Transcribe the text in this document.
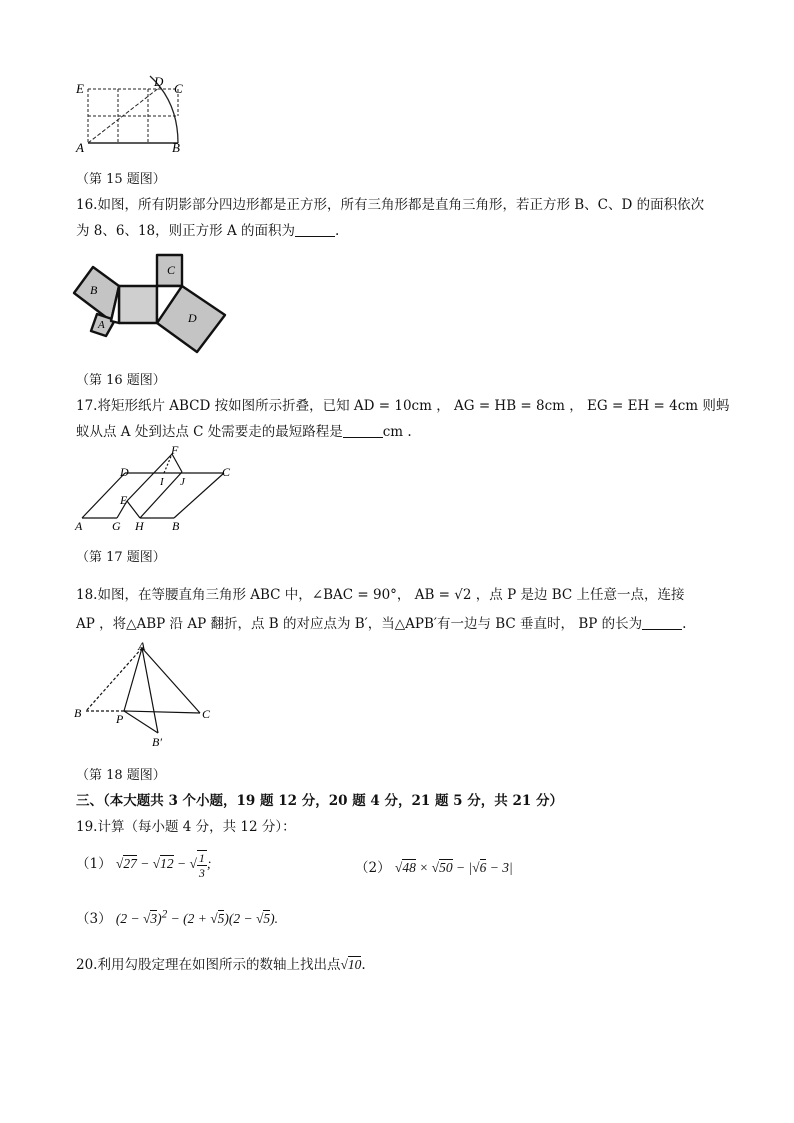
E	D C
A	B
（第 15 题图）
16.如图，所有阴影部分四边形都是正方形，所有三角形都是直角三角形，若正方形 B、C、D 的面积依次
为 8、6、18，则正方形 A 的面积为	.
B
A
C
D
（第 16 题图）
17.将矩形纸片 ABCD 按如图所示折叠，已知 AD = 10cm ， AG = HB = 8cm ， EG = EH = 4cm 则蚂
蚁从点 A 处到达点 C 处需要走的最短路程是	cm .
A G H B
D	C
E
F
I J
（第 17 题图）
18.如图，在等腰直角三角形 ABC 中，∠BAC = 90°， AB = √2 ，点 P 是边 BC 上任意一点，连接
AP ，将△ABP 沿 AP 翻折，点 B 的对应点为 B′，当△APB′有一边与 BC 垂直时， BP 的长为	.
A
B	P	C
B′
（第 18 题图）
三、（本大题共 3 个小题，19 题 12 分，20 题 4 分，21 题 5 分，共 21 分）
19.计算（每小题 4 分，共 12 分）：
（1） √27 − √12 − √ $\frac{1}{3}$ ;	（2） √48 × √50 − |√6 − 3|
（3） $(2 - √3)^2 - (2 + √5)(2 - √5)$.
20.利用勾股定理在如图所示的数轴上找出点√10.
